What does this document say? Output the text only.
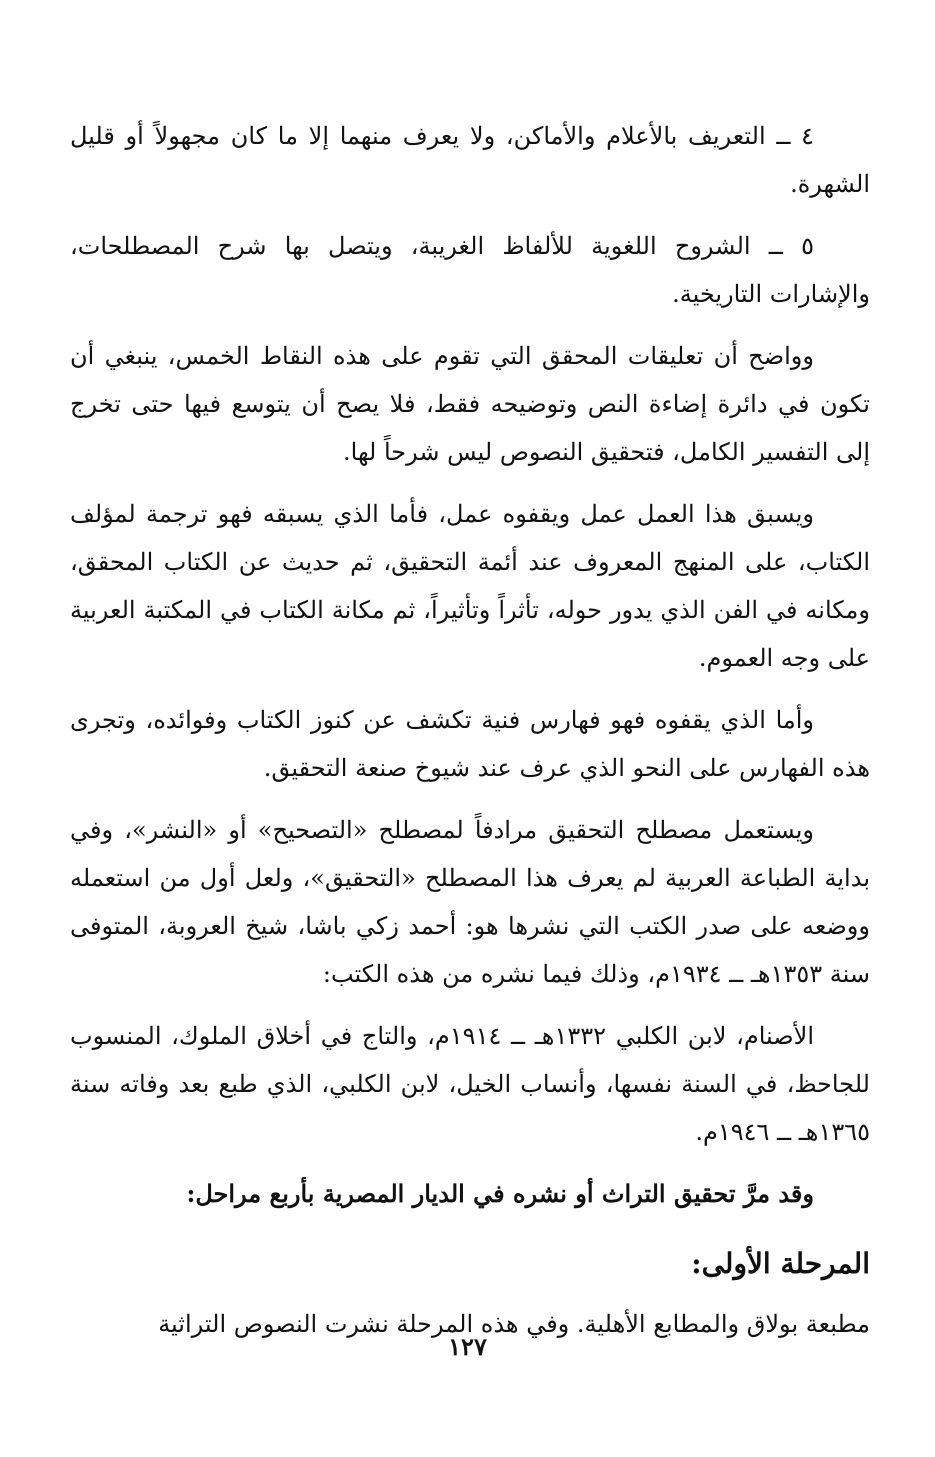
٤ ــ التعريف بالأعلام والأماكن، ولا يعرف منهما إلا ما كان مجهولاً أو قليل الشهرة.

٥ ــ الشروح اللغوية للألفاظ الغريبة، ويتصل بها شرح المصطلحات، والإشارات التاريخية.

وواضح أن تعليقات المحقق التي تقوم على هذه النقاط الخمس، ينبغي أن تكون في دائرة إضاءة النص وتوضيحه فقط، فلا يصح أن يتوسع فيها حتى تخرج إلى التفسير الكامل، فتحقيق النصوص ليس شرحاً لها.

ويسبق هذا العمل عمل ويقفوه عمل، فأما الذي يسبقه فهو ترجمة لمؤلف الكتاب، على المنهج المعروف عند أئمة التحقيق، ثم حديث عن الكتاب المحقق، ومكانه في الفن الذي يدور حوله، تأثراً وتأثيراً، ثم مكانة الكتاب في المكتبة العربية على وجه العموم.

وأما الذي يقفوه فهو فهارس فنية تكشف عن كنوز الكتاب وفوائده، وتجرى هذه الفهارس على النحو الذي عرف عند شيوخ صنعة التحقيق.

ويستعمل مصطلح التحقيق مرادفاً لمصطلح «التصحيح» أو «النشر»، وفي بداية الطباعة العربية لم يعرف هذا المصطلح «التحقيق»، ولعل أول من استعمله ووضعه على صدر الكتب التي نشرها هو: أحمد زكي باشا، شيخ العروبة، المتوفى سنة ١٣٥٣هـ ــ ١٩٣٤م، وذلك فيما نشره من هذه الكتب:

الأصنام، لابن الكلبي ١٣٣٢هـ ــ ١٩١٤م، والتاج في أخلاق الملوك، المنسوب للجاحظ، في السنة نفسها، وأنساب الخيل، لابن الكلبي، الذي طبع بعد وفاته سنة ١٣٦٥هـ ــ ١٩٤٦م.

وقد مرَّ تحقيق التراث أو نشره في الديار المصرية بأربع مراحل:

المرحلة الأولى:

مطبعة بولاق والمطابع الأهلية. وفي هذه المرحلة نشرت النصوص التراثية

١٢٧
